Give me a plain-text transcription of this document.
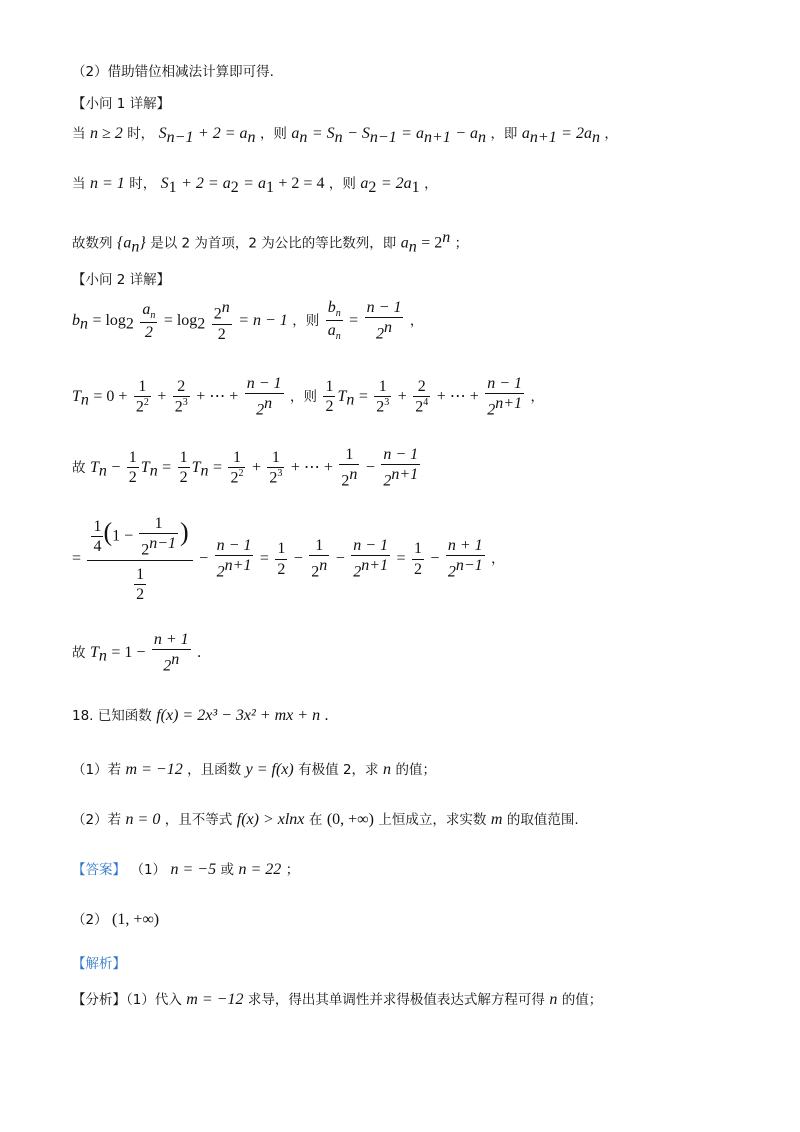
（2）借助错位相减法计算即可得.
【小问 1 详解】
当 n ≥ 2 时， $S_{n-1} + 2 = a_n$ ，则 $a_n = S_n - S_{n-1} = a_{n+1} - a_n$ ，即 $a_{n+1} = 2a_n$ ，
当 n = 1 时， $S_1 + 2 = a_2 = a_1 + 2 = 4$ ，则 $a_2 = 2a_1$ ，
故数列 $\{a_n\}$ 是以 2 为首项，2 为公比的等比数列，即 $a_n = 2^n$ ；
【小问 2 详解】
$b_n = \log_2 \frac{a_n}{2} = \log_2 \frac{2^n}{2} = n - 1$ ，则 $\frac{b_n}{a_n} = \frac{n - 1}{2^n}$ ，
$T_n = 0 + \frac{1}{2^2} + \frac{2}{2^3}$ + ⋯ + $\frac{n - 1}{2^n}$ ，则 $\frac{1}{2} T_n = \frac{1}{2^3} + \frac{2}{2^4}$ + ⋯ + $\frac{n - 1}{2^{n+1}}$ ，
故 $T_n - \frac{1}{2} T_n = \frac{1}{2} T_n = \frac{1}{2^2} + \frac{1}{2^3}$ + ⋯ + $\frac{1}{2^n} - \frac{n - 1}{2^{n+1}}$
= $\frac{\frac{1}{4} (1 - \frac{1}{2^{n-1}} )}{\frac{1}{2}} - \frac{n - 1}{2^{n+1}} = \frac{1}{2} - \frac{1}{2^n} - \frac{n - 1}{2^{n+1}} = \frac{1}{2} - \frac{n + 1}{2^{n-1}}$ ，
故 $T_n = 1 - \frac{n + 1}{2^n}$ .
18. 已知函数 f(x) = 2x³ − 3x² + mx + n .
（1）若 m = −12 ，且函数 y = f(x) 有极值 2，求 n 的值；
（2）若 n = 0 ，且不等式 f(x) > xlnx 在 (0, +∞) 上恒成立，求实数 m 的取值范围.
【答案】 （1） n = −5 或 n = 22 ；
（2） (1, +∞)
【解析】
【分析】（1）代入 m = −12 求导，得出其单调性并求得极值表达式解方程可得 n 的值；
